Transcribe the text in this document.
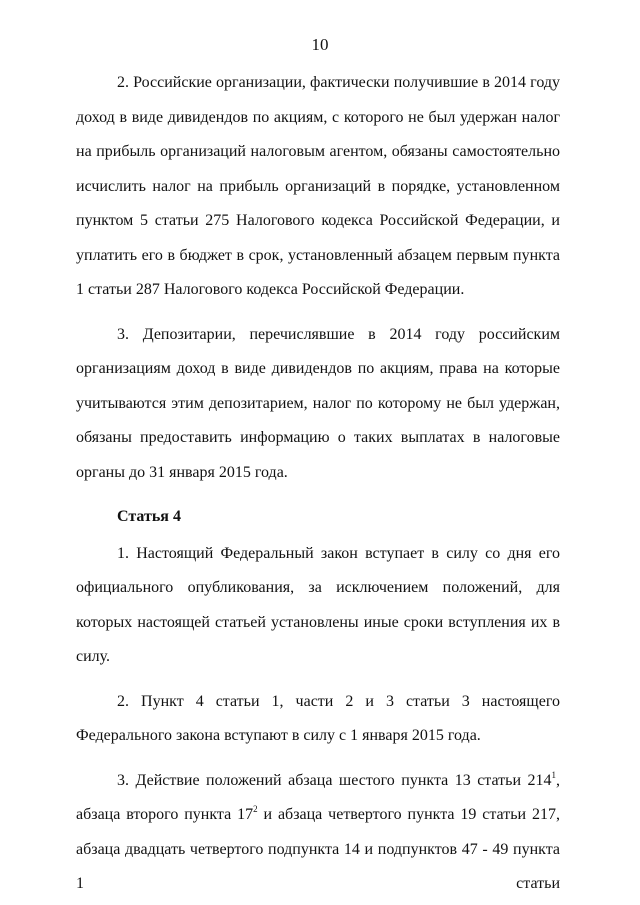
10

2. Российские организации, фактически получившие в 2014 году доход в виде дивидендов по акциям, с которого не был удержан налог на прибыль организаций налоговым агентом, обязаны самостоятельно исчислить налог на прибыль организаций в порядке, установленном пунктом 5 статьи 275 Налогового кодекса Российской Федерации, и уплатить его в бюджет в срок, установленный абзацем первым пункта 1 статьи 287 Налогового кодекса Российской Федерации.

3. Депозитарии, перечислявшие в 2014 году российским организациям доход в виде дивидендов по акциям, права на которые учитываются этим депозитарием, налог по которому не был удержан, обязаны предоставить информацию о таких выплатах в налоговые органы до 31 января 2015 года.

Статья 4

1. Настоящий Федеральный закон вступает в силу со дня его официального опубликования, за исключением положений, для которых настоящей статьей установлены иные сроки вступления их в силу.

2. Пункт 4 статьи 1, части 2 и 3 статьи 3 настоящего Федерального закона вступают в силу с 1 января 2015 года.

3. Действие положений абзаца шестого пункта 13 статьи $214^1$, абзаца второго пункта $17^2$ и абзаца четвертого пункта 19 статьи 217, абзаца двадцать четвертого подпункта 14 и подпунктов 47 - 49 пункта 1 статьи
